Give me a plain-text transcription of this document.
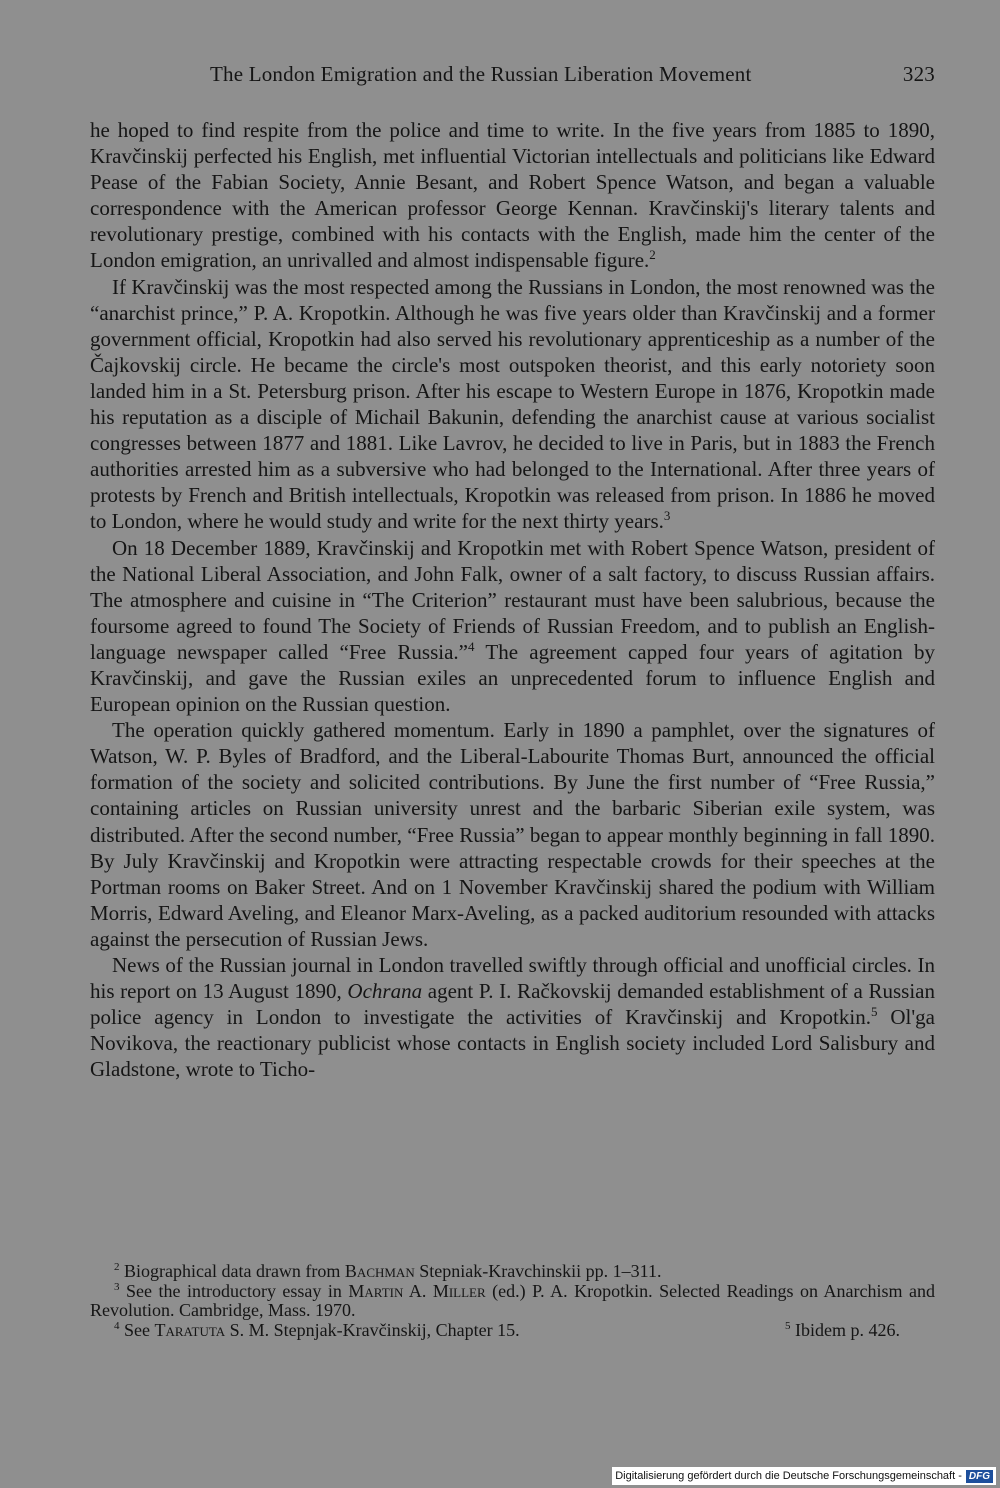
The London Emigration and the Russian Liberation Movement	323

he hoped to find respite from the police and time to write. In the five years from 1885 to 1890, Kravčinskij perfected his English, met influential Victorian intellectuals and politicians like Edward Pease of the Fabian Society, Annie Besant, and Robert Spence Watson, and began a valuable correspondence with the American professor George Kennan. Kravčinskij's literary talents and revolutionary prestige, combined with his contacts with the English, made him the center of the London emigration, an unrivalled and almost indispensable figure.$^2$

If Kravčinskij was the most respected among the Russians in London, the most renowned was the “anarchist prince,” P. A. Kropotkin. Although he was five years older than Kravčinskij and a former government official, Kropotkin had also served his revolutionary apprenticeship as a number of the Čajkovskij circle. He became the circle's most outspoken theorist, and this early notoriety soon landed him in a St. Petersburg prison. After his escape to Western Europe in 1876, Kropotkin made his reputation as a disciple of Michail Bakunin, defending the anarchist cause at various socialist congresses between 1877 and 1881. Like Lavrov, he decided to live in Paris, but in 1883 the French authorities arrested him as a subversive who had belonged to the International. After three years of protests by French and British intellectuals, Kropotkin was released from prison. In 1886 he moved to London, where he would study and write for the next thirty years.$^3$

On 18 December 1889, Kravčinskij and Kropotkin met with Robert Spence Watson, president of the National Liberal Association, and John Falk, owner of a salt factory, to discuss Russian affairs. The atmosphere and cuisine in “The Criterion” restaurant must have been salubrious, because the foursome agreed to found The Society of Friends of Russian Freedom, and to publish an English-language newspaper called “Free Russia.”$^4$ The agreement capped four years of agitation by Kravčinskij, and gave the Russian exiles an unprecedented forum to influence English and European opinion on the Russian question.

The operation quickly gathered momentum. Early in 1890 a pamphlet, over the signatures of Watson, W. P. Byles of Bradford, and the Liberal-Labourite Thomas Burt, announced the official formation of the society and solicited contributions. By June the first number of “Free Russia,” containing articles on Russian university unrest and the barbaric Siberian exile system, was distributed. After the second number, “Free Russia” began to appear monthly beginning in fall 1890. By July Kravčinskij and Kropotkin were attracting respectable crowds for their speeches at the Portman rooms on Baker Street. And on 1 November Kravčinskij shared the podium with William Morris, Edward Aveling, and Eleanor Marx-Aveling, as a packed auditorium resounded with attacks against the persecution of Russian Jews.

News of the Russian journal in London travelled swiftly through official and unofficial circles. In his report on 13 August 1890, Ochrana agent P. I. Račkovskij demanded establishment of a Russian police agency in London to investigate the activities of Kravčinskij and Kropotkin.$^5$ Ol'ga Novikova, the reactionary publicist whose contacts in English society included Lord Salisbury and Gladstone, wrote to Ticho-

$^2$ Biographical data drawn from Bachman Stepniak-Kravchinskii pp. 1–311.

$^3$ See the introductory essay in Martin A. Miller (ed.) P. A. Kropotkin. Selected Readings on Anarchism and Revolution. Cambridge, Mass. 1970.

$^4$ See Taratuta S. M. Stepnjak-Kravčinskij, Chapter 15.	$^5$ Ibidem p. 426.
Digitalisierung gefördert durch die Deutsche Forschungsgemeinschaft - DFG
